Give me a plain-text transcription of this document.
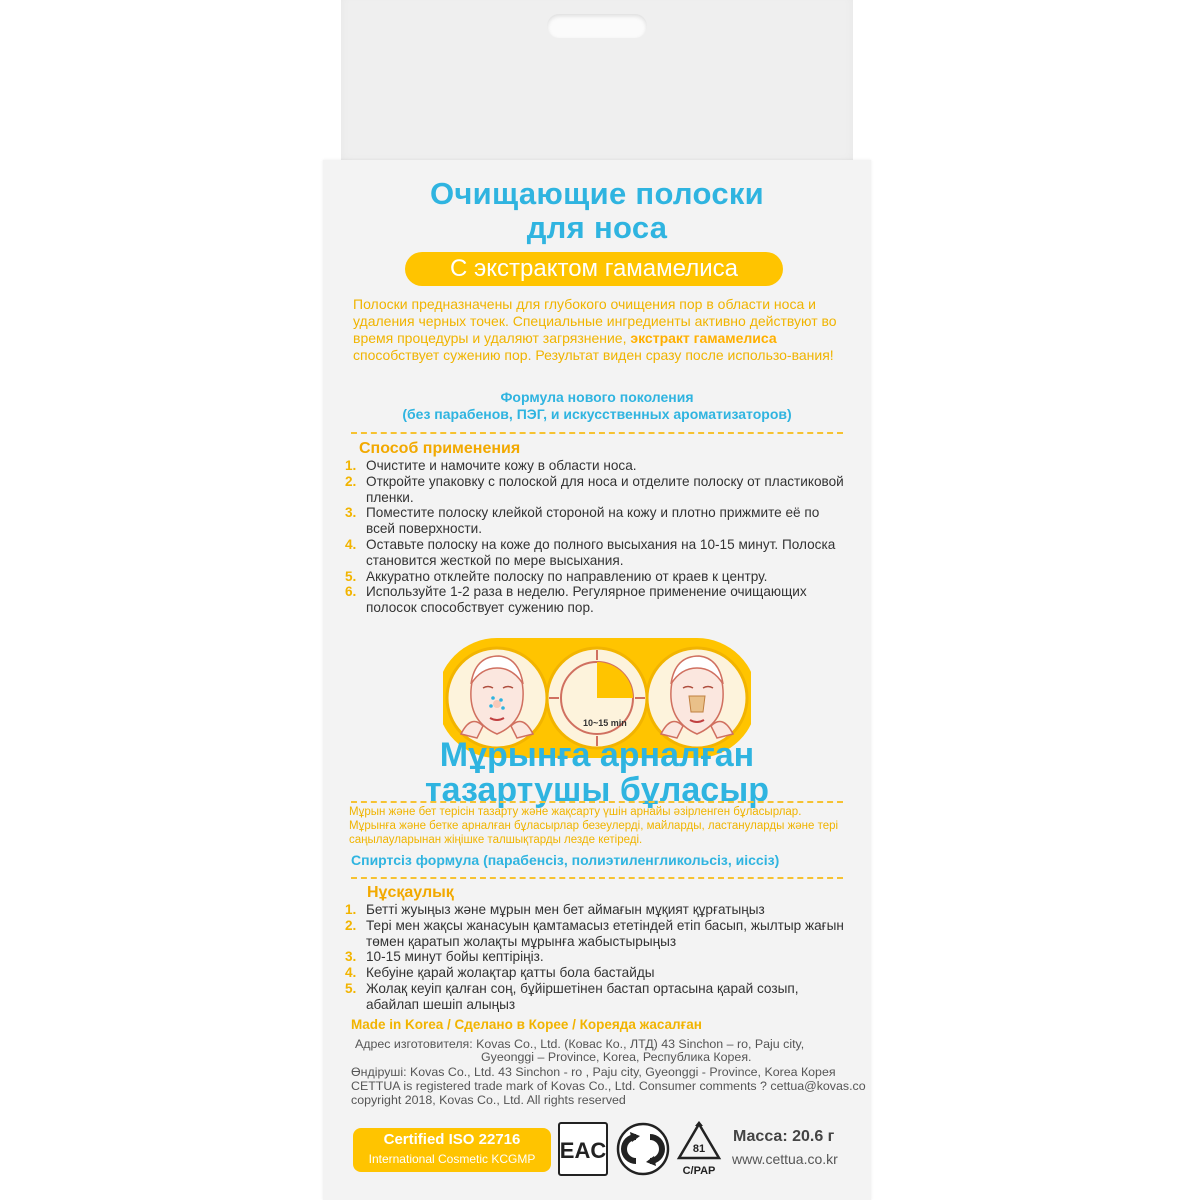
Очищающие полоски
для носа
С экстрактом гамамелиса
Полоски предназначены для глубокого очищения пор в области носа и удаления черных точек. Специальные ингредиенты активно действуют во время процедуры и удаляют загрязнение, экстракт гамамелиса способствует сужению пор. Результат виден сразу после использо-вания!
Формула нового поколения
(без парабенов, ПЭГ, и искусственных ароматизаторов)
Способ применения
1. Очистите и намочите кожу в области носа.
2. Откройте упаковку с полоской для носа и отделите полоску от пластиковой пленки.
3. Поместите полоску клейкой стороной на кожу и плотно прижмите её по всей поверхности.
4. Оставьте полоску на коже до полного высыхания на 10-15 минут. Полоска становится жесткой по мере высыхания.
5. Аккуратно отклейте полоску по направлению от краев к центру.
6. Используйте 1-2 раза в неделю. Регулярное применение очищающих полосок способствует сужению пор.
10~15 min
Мұрынға арналған
тазартушы бұласыр
Мұрын және бет терісін тазарту және жақсарту үшін арнайы әзірленген бұласырлар. Мұрынға және бетке арналған бұласырлар безеулерді, майларды, ластануларды және тері саңылауларынан жіңішке талшықтарды лезде кетіреді.
Спиртсіз формула (парабенсіз, полиэтиленгликольсіз, иіссіз)
Нұсқаулық
1. Бетті жуыңыз және мұрын мен бет аймағын мұқият құрғатыңыз
2. Тері мен жақсы жанасуын қамтамасыз ететіндей етіп басып, жылтыр жағын төмен қаратып жолақты мұрынға жабыстырыңыз
3. 10-15 минут бойы кептіріңіз.
4. Кебуіне қарай жолақтар қатты бола бастайды
5. Жолақ кеуіп қалған соң, бұйіршетінен бастап ортасына қарай созып, абайлап шешіп алыңыз
Made in Korea / Сделано в Корее / Кореяда жасалған
Адрес изготовителя: Kovas Co., Ltd. (Ковас Ко., ЛТД) 43 Sinchon – ro, Paju city,
Gyeonggi – Province, Korea, Республика Корея.
Өндіруші: Kovas Co., Ltd. 43 Sinchon - ro , Paju city, Gyeonggi - Province, Korea Корея
CETTUA is registered trade mark of Kovas Co., Ltd. Consumer comments ? cettua@kovas.co
copyright 2018, Kovas Co., Ltd. All rights reserved
Certified ISO 22716
International Cosmetic KCGMP	EAC	81
C/PAP
Масса: 20.6 г
www.cettua.co.kr
